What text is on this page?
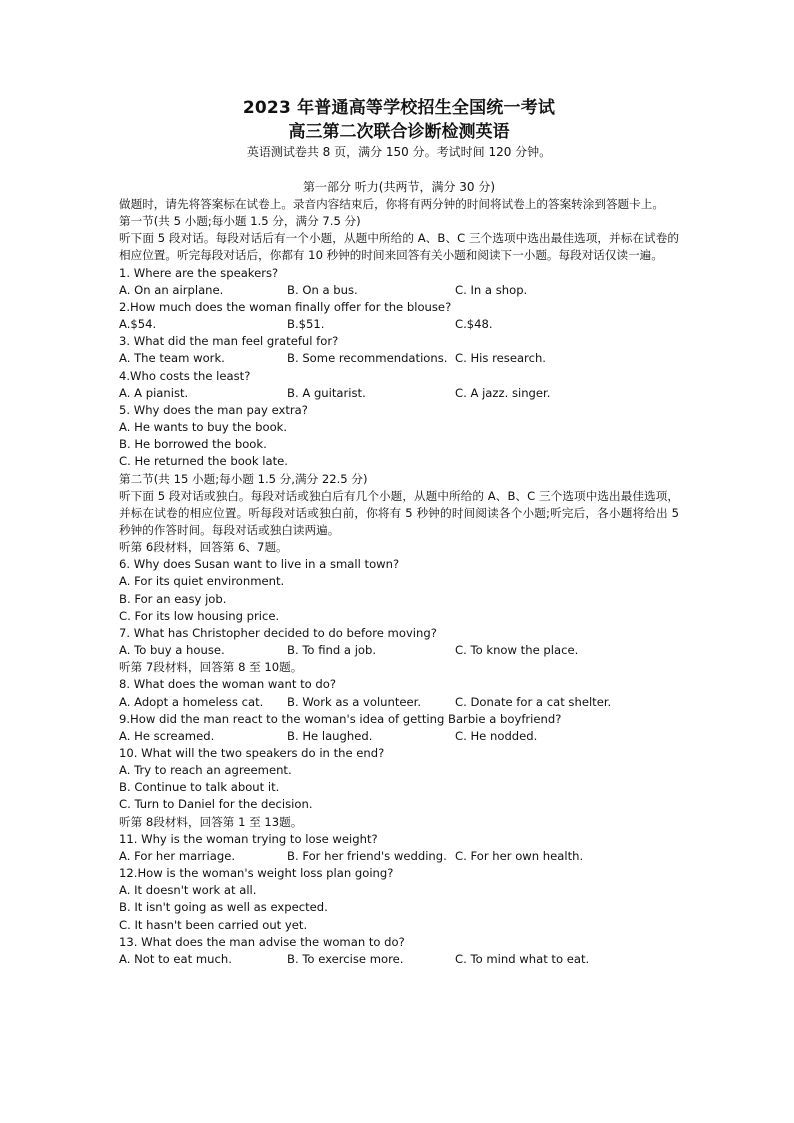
2023 年普通高等学校招生全国统一考试
高三第二次联合诊断检测英语
英语测试卷共 8 页，满分 150 分。考试时间 120 分钟。
第一部分 听力(共两节，满分 30 分)

做题时，请先将答案标在试卷上。录音内容结束后，你将有两分钟的时间将试卷上的答案转涂到答题卡上。

第一节(共 5 小题;每小题 1.5 分，满分 7.5 分)

听下面 5 段对话。每段对话后有一个小题，从题中所给的 A、B、C 三个选项中选出最佳选项，并标在试卷的相应位置。听完每段对话后，你都有 10 秒钟的时间来回答有关小题和阅读下一小题。每段对话仅读一遍。

1. Where are the speakers?
A. On an airplane.	B. On a bus.	C. In a shop.
2.How much does the woman finally offer for the blouse?
A.$54.	B.$51.	C.$48.
3. What did the man feel grateful for?
A. The team work.	B. Some recommendations. C. His research.
4.Who costs the least?
A. A pianist.	B. A guitarist.	C. A jazz. singer.
5. Why does the man pay extra?
A. He wants to buy the book.
B. He borrowed the book.
C. He returned the book late.
第二节(共 15 小题;每小题 1.5 分,满分 22.5 分)

听下面 5 段对话或独白。每段对话或独白后有几个小题，从题中所给的 A、B、C 三个选项中选出最佳选项，并标在试卷的相应位置。听每段对话或独白前，你将有 5 秒钟的时间阅读各个小题;听完后，各小题将给出 5 秒钟的作答时间。每段对话或独白读两遍。

听第 6段材料，回答第 6、7题。
6. Why does Susan want to live in a small town?
A. For its quiet environment.
B. For an easy job.
C. For its low housing price.
7. What has Christopher decided to do before moving?
A. To buy a house.	B. To find a job.	C. To know the place.
听第 7段材料，回答第 8 至 10题。
8. What does the woman want to do?
A. Adopt a homeless cat.	B. Work as a volunteer.	C. Donate for a cat shelter.
9.How did the man react to the woman's idea of getting Barbie a boyfriend?
A. He screamed.	B. He laughed.	C. He nodded.
10. What will the two speakers do in the end?
A. Try to reach an agreement.
B. Continue to talk about it.
C. Turn to Daniel for the decision.
听第 8段材料，回答第 1 至 13题。
11. Why is the woman trying to lose weight?
A. For her marriage.	B. For her friend's wedding. C. For her own health.
12.How is the woman's weight loss plan going?
A. It doesn't work at all.
B. It isn't going as well as expected.
C. It hasn't been carried out yet.
13. What does the man advise the woman to do?
A. Not to eat much.	B. To exercise more.	C. To mind what to eat.
